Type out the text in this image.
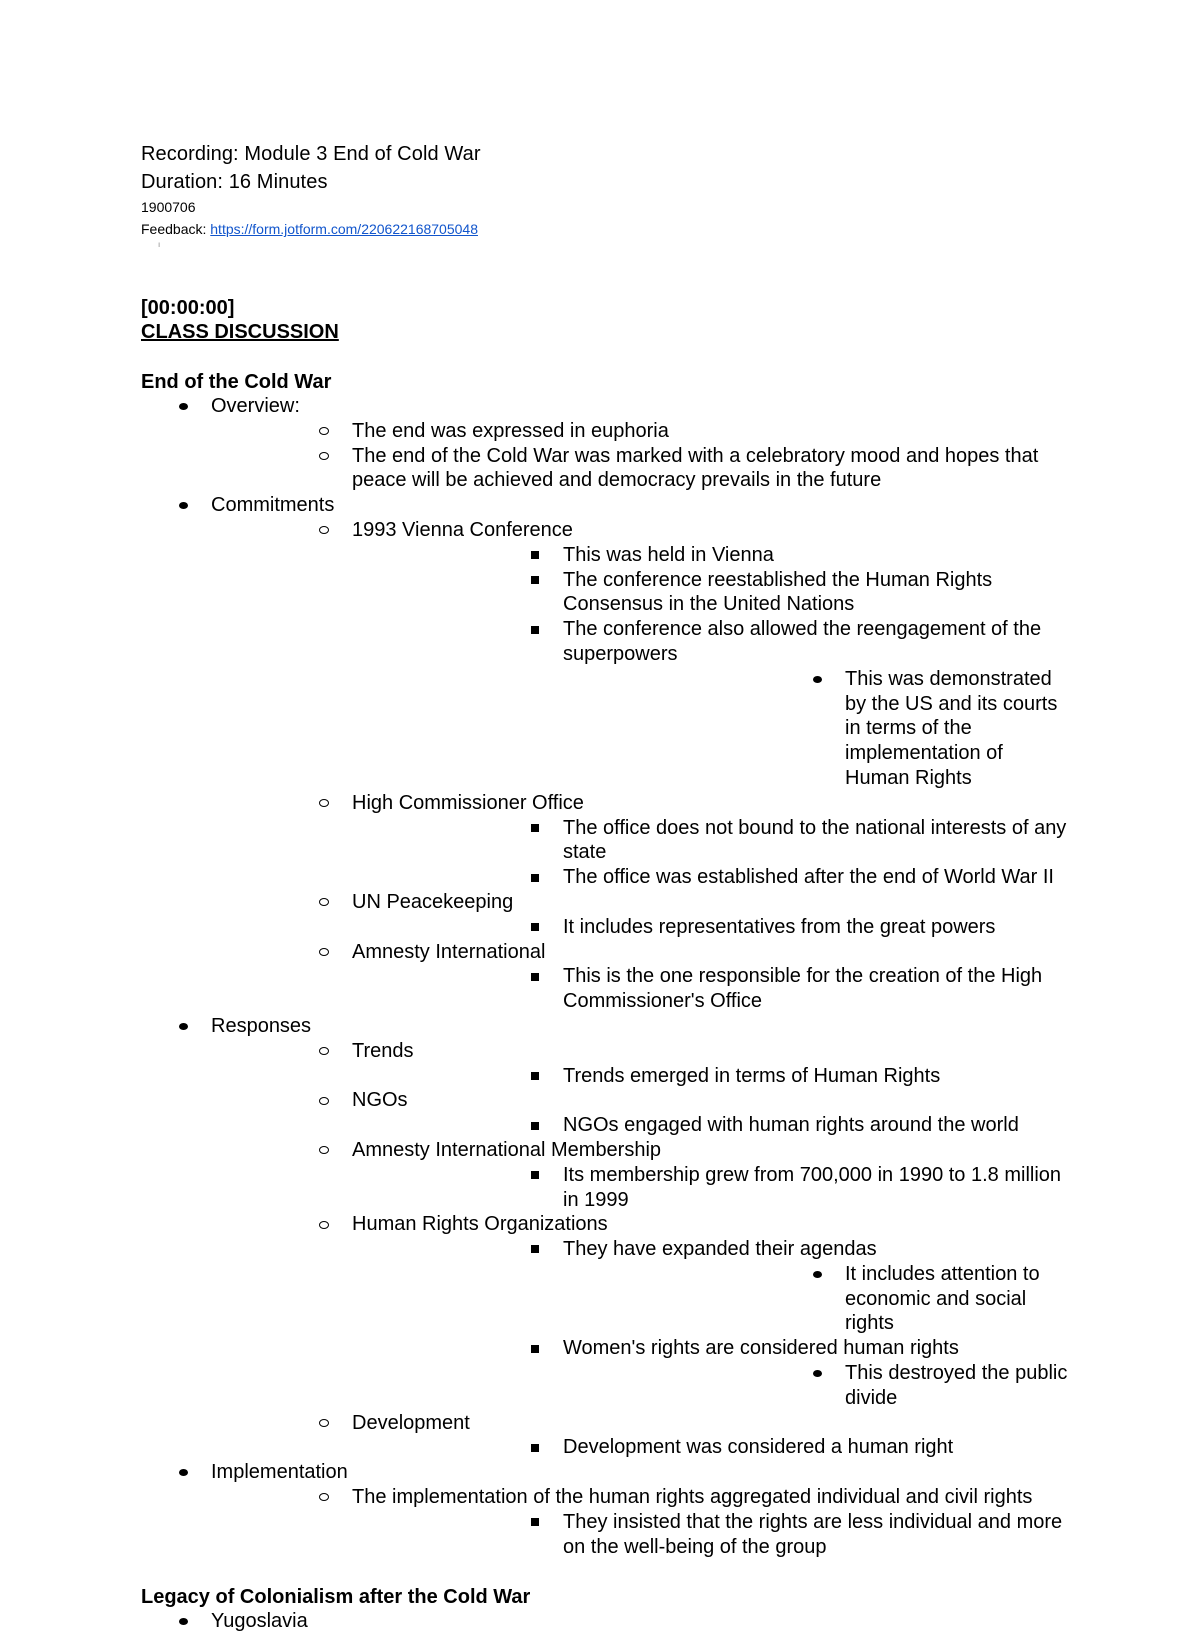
Recording: Module 3 End of Cold War
Duration: 16 Minutes
1900706
Feedback: https://form.jotform.com/220622168705048
ı
[00:00:00]
CLASS DISCUSSION
End of the Cold War
Overview:
The end was expressed in euphoria
The end of the Cold War was marked with a celebratory mood and hopes that peace will be achieved and democracy prevails in the future
Commitments
1993 Vienna Conference
This was held in Vienna
The conference reestablished the Human Rights Consensus in the United Nations
The conference also allowed the reengagement of the superpowers
This was demonstrated by the US and its courts in terms of the implementation of Human Rights
High Commissioner Office
The office does not bound to the national interests of any state
The office was established after the end of World War II
UN Peacekeeping
It includes representatives from the great powers
Amnesty International
This is the one responsible for the creation of the High Commissioner's Office
Responses
Trends
Trends emerged in terms of Human Rights
NGOs
NGOs engaged with human rights around the world
Amnesty International Membership
Its membership grew from 700,000 in 1990 to 1.8 million in 1999
Human Rights Organizations
They have expanded their agendas
It includes attention to economic and social rights
Women's rights are considered human rights
This destroyed the public divide
Development
Development was considered a human right
Implementation
The implementation of the human rights aggregated individual and civil rights
They insisted that the rights are less individual and more on the well-being of the group
Legacy of Colonialism after the Cold War
Yugoslavia
